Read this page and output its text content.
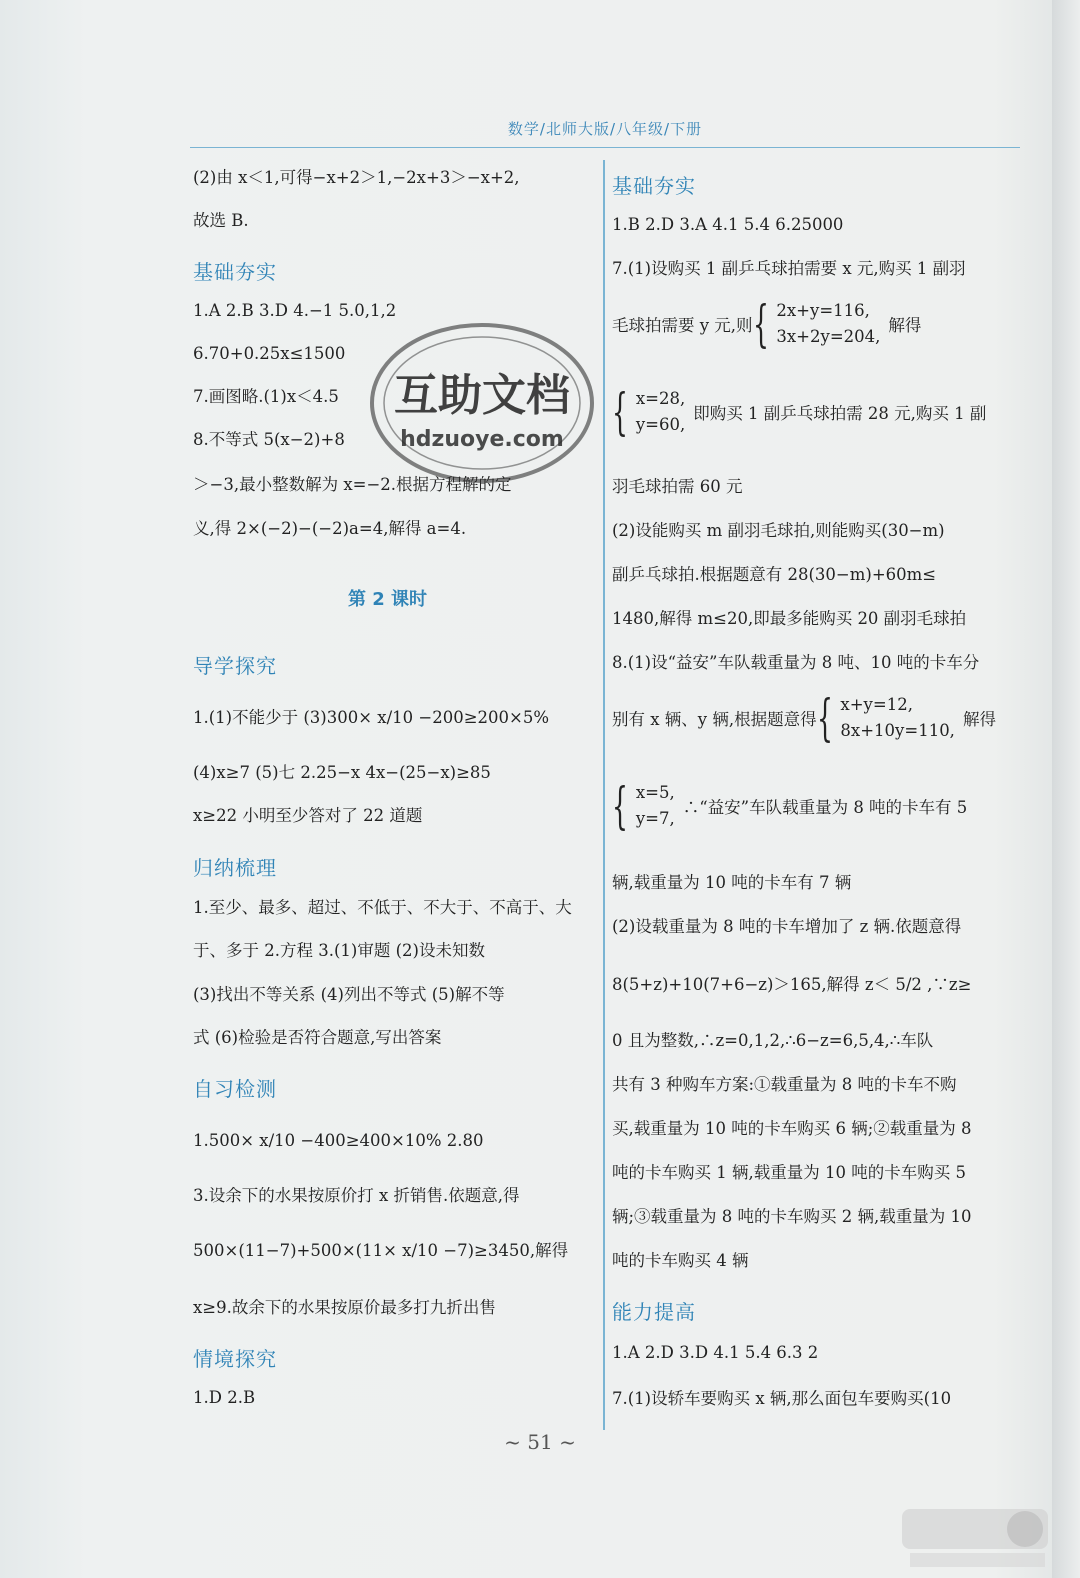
数学/北师大版/八年级/下册
(2)由 x＜1,可得−x+2＞1,−2x+3＞−x+2,
故选 B.
基础夯实
1.A 2.B 3.D 4.−1 5.0,1,2
6.70+0.25x≤1500
7.画图略.(1)x＜4.5
8.不等式 5(x−2)+8
＞−3,最小整数解为 x=−2.根据方程解的定
义,得 2×(−2)−(−2)a=4,解得 a=4.
第 2 课时
导学探究
1.(1)不能少于 (3)300× x/10 −200≥200×5%
(4)x≥7 (5)七 2.25−x 4x−(25−x)≥85
x≥22 小明至少答对了 22 道题
归纳梳理
1.至少、最多、超过、不低于、不大于、不高于、大
于、多于 2.方程 3.(1)审题 (2)设未知数
(3)找出不等关系 (4)列出不等式 (5)解不等
式 (6)检验是否符合题意,写出答案
自习检测
1.500× x/10 −400≥400×10% 2.80
3.设余下的水果按原价打 x 折销售.依题意,得
500×(11−7)+500×(11× x/10 −7)≥3450,解得
x≥9.故余下的水果按原价最多打九折出售
情境探究
1.D 2.B
基础夯实
1.B 2.D 3.A 4.1 5.4 6.25000
7.(1)设购买 1 副乒乓球拍需要 x 元,购买 1 副羽
毛球拍需要 y 元,则 { 2x+y=116,
3x+2y=204,
解得
{ x=28,
y=60,
即购买 1 副乒乓球拍需 28 元,购买 1 副
羽毛球拍需 60 元
(2)设能购买 m 副羽毛球拍,则能购买(30−m)
副乒乓球拍.根据题意有 28(30−m)+60m≤
1480,解得 m≤20,即最多能购买 20 副羽毛球拍
8.(1)设“益安”车队载重量为 8 吨、10 吨的卡车分
别有 x 辆、y 辆,根据题意得 { x+y=12,
8x+10y=110,
解得
{ x=5,
y=7,
∴“益安”车队载重量为 8 吨的卡车有 5
辆,载重量为 10 吨的卡车有 7 辆
(2)设载重量为 8 吨的卡车增加了 z 辆.依题意得
8(5+z)+10(7+6−z)＞165,解得 z＜ 5/2 ,∵z≥
0 且为整数,∴z=0,1,2,∴6−z=6,5,4,∴车队
共有 3 种购车方案:①载重量为 8 吨的卡车不购
买,载重量为 10 吨的卡车购买 6 辆;②载重量为 8
吨的卡车购买 1 辆,载重量为 10 吨的卡车购买 5
辆;③载重量为 8 吨的卡车购买 2 辆,载重量为 10
吨的卡车购买 4 辆
能力提高
1.A 2.D 3.D 4.1 5.4 6.3 2
7.(1)设轿车要购买 x 辆,那么面包车要购买(10
互助文档
hdzuoye.com
~ 51 ~
